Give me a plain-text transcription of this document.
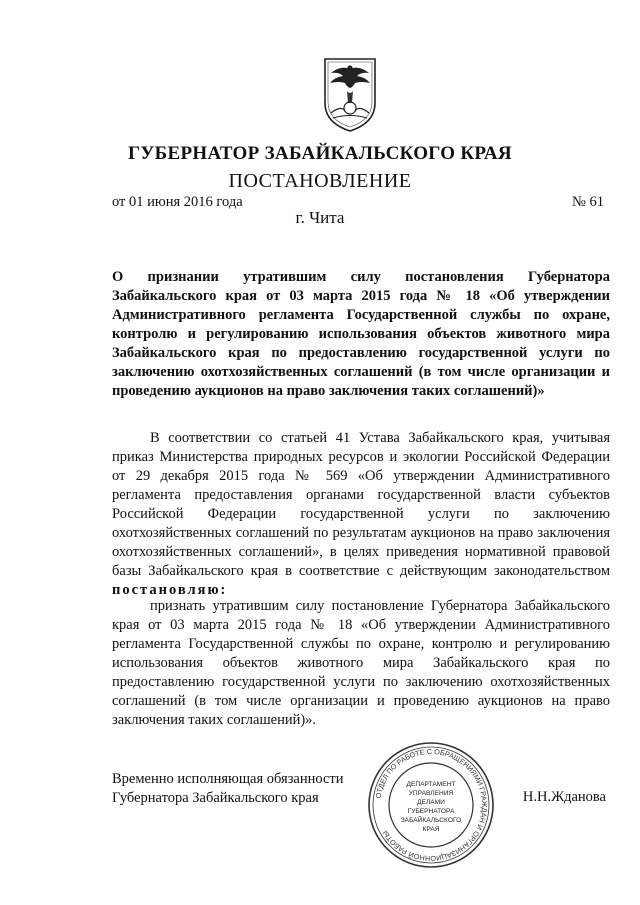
ГУБЕРНАТОР ЗАБАЙКАЛЬСКОГО КРАЯ
ПОСТАНОВЛЕНИЕ
от 01 июня 2016 года	№ 61
г. Чита

О признании утратившим силу постановления Губернатора Забайкальского края от 03 марта 2015 года № 18 «Об утверждении Административного регламента Государственной службы по охране, контролю и регулированию использования объектов животного мира Забайкальского края по предоставлению государственной услуги по заключению охотхозяйственных соглашений (в том числе организации и проведению аукционов на право заключения таких соглашений)»

В соответствии со статьей 41 Устава Забайкальского края, учитывая приказ Министерства природных ресурсов и экологии Российской Федерации от 29 декабря 2015 года № 569 «Об утверждении Административного регламента предоставления органами государственной власти субъектов Российской Федерации государственной услуги по заключению охотхозяйственных соглашений по результатам аукционов на право заключения охотхозяйственных соглашений», в целях приведения нормативной правовой базы Забайкальского края в соответствие с действующим законодательством постановляю:

признать утратившим силу постановление Губернатора Забайкальского края от 03 марта 2015 года № 18 «Об утверждении Административного регламента Государственной службы по охране, контролю и регулированию использования объектов животного мира Забайкальского края по предоставлению государственной услуги по заключению охотхозяйственных соглашений (в том числе организации и проведению аукционов на право заключения таких соглашений)».

Временно исполняющая обязанности
Губернатора Забайкальского края	ОТДЕЛ ПО РАБОТЕ С ОБРАЩЕНИЯМИ ГРАЖДАН И ОРГАНИЗАЦИОННОЙ РАБОТЫ
ДЕПАРТАМЕНТ
УПРАВЛЕНИЯ
ДЕЛАМИ
ГУБЕРНАТОРА
ЗАБАЙКАЛЬСКОГО
КРАЯ
Н.Н.Жданова
